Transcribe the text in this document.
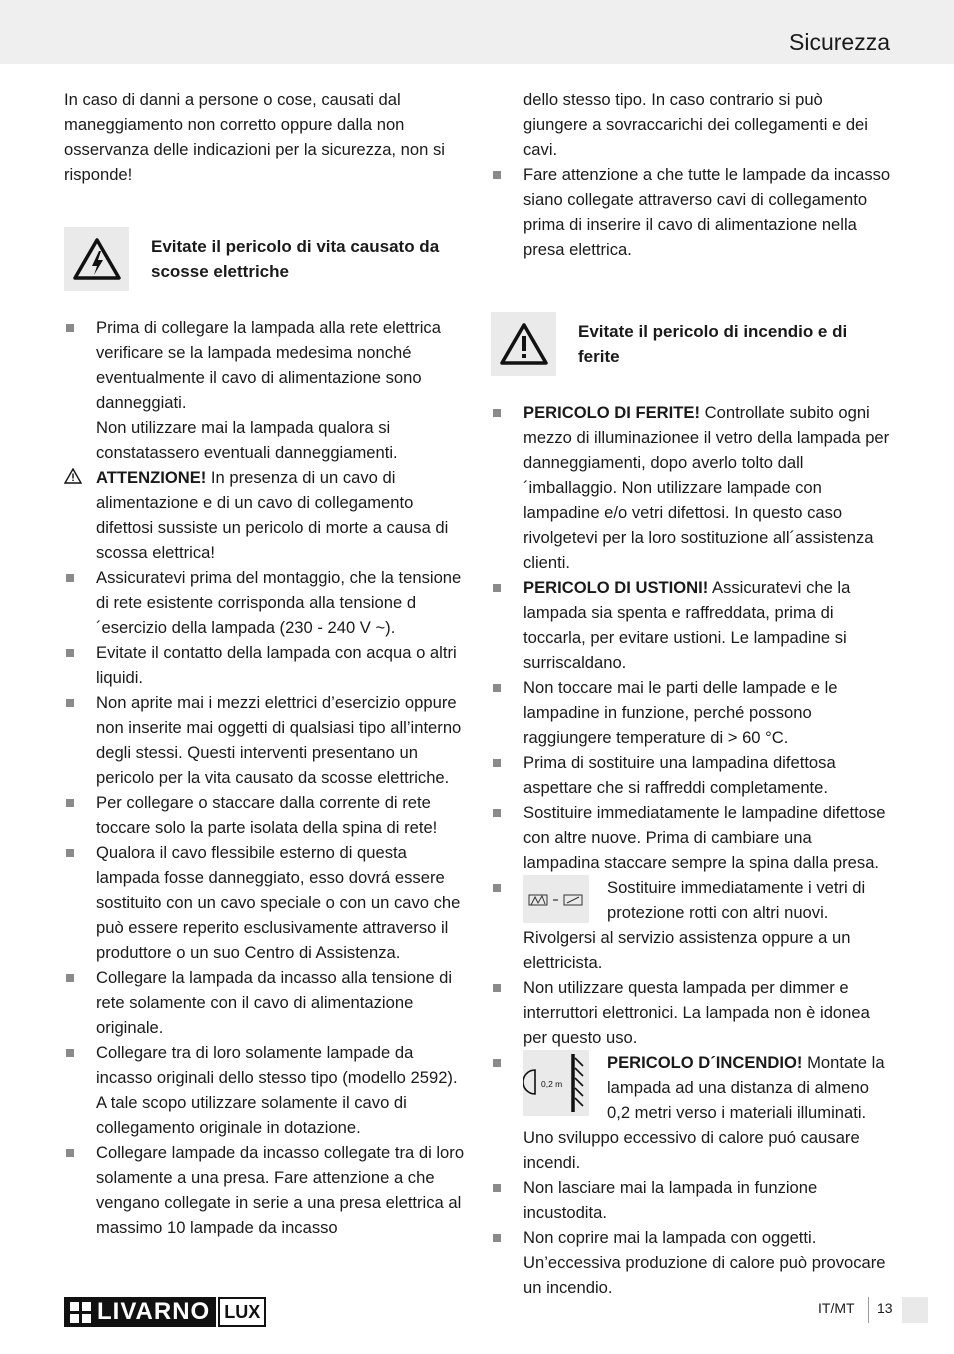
Sicurezza

In caso di danni a persone o cose, causati dal maneggiamento non corretto oppure dalla non osservanza delle indicazioni per la sicurezza, non si risponde!

Evitate il pericolo di vita causato da scosse elettriche

Prima di collegare la lampada alla rete elettrica verificare se la lampada medesima nonché eventualmente il cavo di alimentazione sono danneggiati.

Non utilizzare mai la lampada qualora si constatassero eventuali danneggiamenti.

ATTENZIONE! In presenza di un cavo di alimentazione e di un cavo di collegamento difettosi sussiste un pericolo di morte a causa di scossa elettrica!

Assicuratevi prima del montaggio, che la tensione di rete esistente corrisponda alla tensione d´esercizio della lampada (230 - 240 V ~).

Evitate il contatto della lampada con acqua o altri liquidi.

Non aprite mai i mezzi elettrici d’esercizio oppure non inserite mai oggetti di qualsiasi tipo all’interno degli stessi. Questi interventi presentano un pericolo per la vita causato da scosse elettriche.

Per collegare o staccare dalla corrente di rete toccare solo la parte isolata della spina di rete!

Qualora il cavo flessibile esterno di questa lampada fosse danneggiato, esso dovrá essere sostituito con un cavo speciale o con un cavo che può essere reperito esclusivamente attraverso il produttore o un suo Centro di Assistenza.

Collegare la lampada da incasso alla tensione di rete solamente con il cavo di alimentazione originale.

Collegare tra di loro solamente lampade da incasso originali dello stesso tipo (modello 2592). A tale scopo utilizzare solamente il cavo di collegamento originale in dotazione.

Collegare lampade da incasso collegate tra di loro solamente a una presa. Fare attenzione a che vengano collegate in serie a una presa elettrica al massimo 10 lampade da incasso

dello stesso tipo. In caso contrario si può giungere a sovraccarichi dei collegamenti e dei cavi.

Fare attenzione a che tutte le lampade da incasso siano collegate attraverso cavi di collegamento prima di inserire il cavo di alimentazione nella presa elettrica.

Evitate il pericolo di incendio e di ferite

PERICOLO DI FERITE! Controllate subito ogni mezzo di illuminazionee il vetro della lampada per danneggiamenti, dopo averlo tolto dall´imballaggio. Non utilizzare lampade con lampadine e/o vetri difettosi. In questo caso rivolgetevi per la loro sostituzione all´assistenza clienti.

PERICOLO DI USTIONI! Assicuratevi che la lampada sia spenta e raffreddata, prima di toccarla, per evitare ustioni. Le lampadine si surriscaldano.

Non toccare mai le parti delle lampade e le lampadine in funzione, perché possono raggiungere temperature di > 60 °C.

Prima di sostituire una lampadina difettosa aspettare che si raffreddi completamente.

Sostituire immediatamente le lampadine difettose con altre nuove. Prima di cambiare una lampadina staccare sempre la spina dalla presa.

Sostituire immediatamente i vetri di protezione rotti con altri nuovi. Rivolgersi al servizio assistenza oppure a un elettricista.

Non utilizzare questa lampada per dimmer e interruttori elettronici. La lampada non è idonea per questo uso.

0,2 m

PERICOLO D´INCENDIO! Montate la lampada ad una distanza di almeno 0,2 metri verso i materiali illuminati. Uno sviluppo eccessivo di calore puó causare incendi.

Non lasciare mai la lampada in funzione incustodita.

Non coprire mai la lampada con oggetti. Un’eccessiva produzione di calore può provocare un incendio.

LIVARNO LUX	IT/MT 13
